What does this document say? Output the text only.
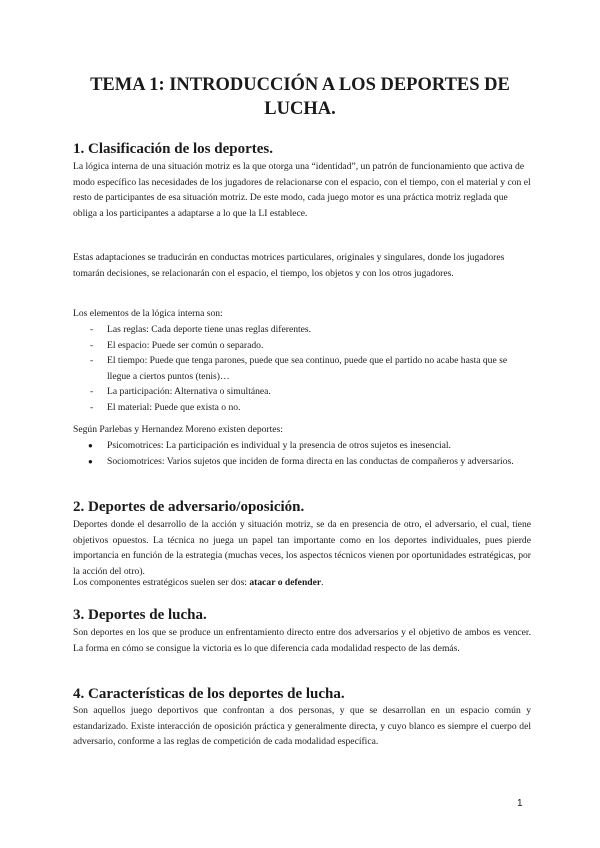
TEMA 1: INTRODUCCIÓN A LOS DEPORTES DE
LUCHA.
1. Clasificación de los deportes.

La lógica interna de una situación motriz es la que otorga una “identidad”, un patrón de funcionamiento que activa de modo específico las necesidades de los jugadores de relacionarse con el espacio, con el tiempo, con el material y con el resto de participantes de esa situación motriz. De este modo, cada juego motor es una práctica motriz reglada que obliga a los participantes a adaptarse a lo que la LI establece.

Estas adaptaciones se traducirán en conductas motrices particulares, originales y singulares, donde los jugadores tomarán decisiones, se relacionarán con el espacio, el tiempo, los objetos y con los otros jugadores.

Los elementos de la lógica interna son:

- Las reglas: Cada deporte tiene unas reglas diferentes.
- El espacio: Puede ser común o separado.
- El tiempo: Puede que tenga parones, puede que sea continuo, puede que el partido no acabe hasta que se llegue a ciertos puntos (tenis)…
- La participación: Alternativa o simultánea.
- El material: Puede que exista o no.

Según Parlebas y Hernandez Moreno existen deportes:

● Psicomotrices: La participación es individual y la presencia de otros sujetos es inesencial.
● Sociomotrices: Varios sujetos que inciden de forma directa en las conductas de compañeros y adversarios.
2. Deportes de adversario/oposición.

Deportes donde el desarrollo de la acción y situación motriz, se da en presencia de otro, el adversario, el cual, tiene objetivos opuestos. La técnica no juega un papel tan importante como en los deportes individuales, pues pierde importancia en función de la estrategia (muchas veces, los aspectos técnicos vienen por oportunidades estratégicas, por la acción del otro).

Los componentes estratégicos suelen ser dos: atacar o defender.

3. Deportes de lucha.

Son deportes en los que se produce un enfrentamiento directo entre dos adversarios y el objetivo de ambos es vencer. La forma en cómo se consigue la victoria es lo que diferencia cada modalidad respecto de las demás.

4. Características de los deportes de lucha.

Son aquellos juego deportivos que confrontan a dos personas, y que se desarrollan en un espacio común y estandarizado. Existe interacción de oposición práctica y generalmente directa, y cuyo blanco es siempre el cuerpo del adversario, conforme a las reglas de competición de cada modalidad específica.

1
